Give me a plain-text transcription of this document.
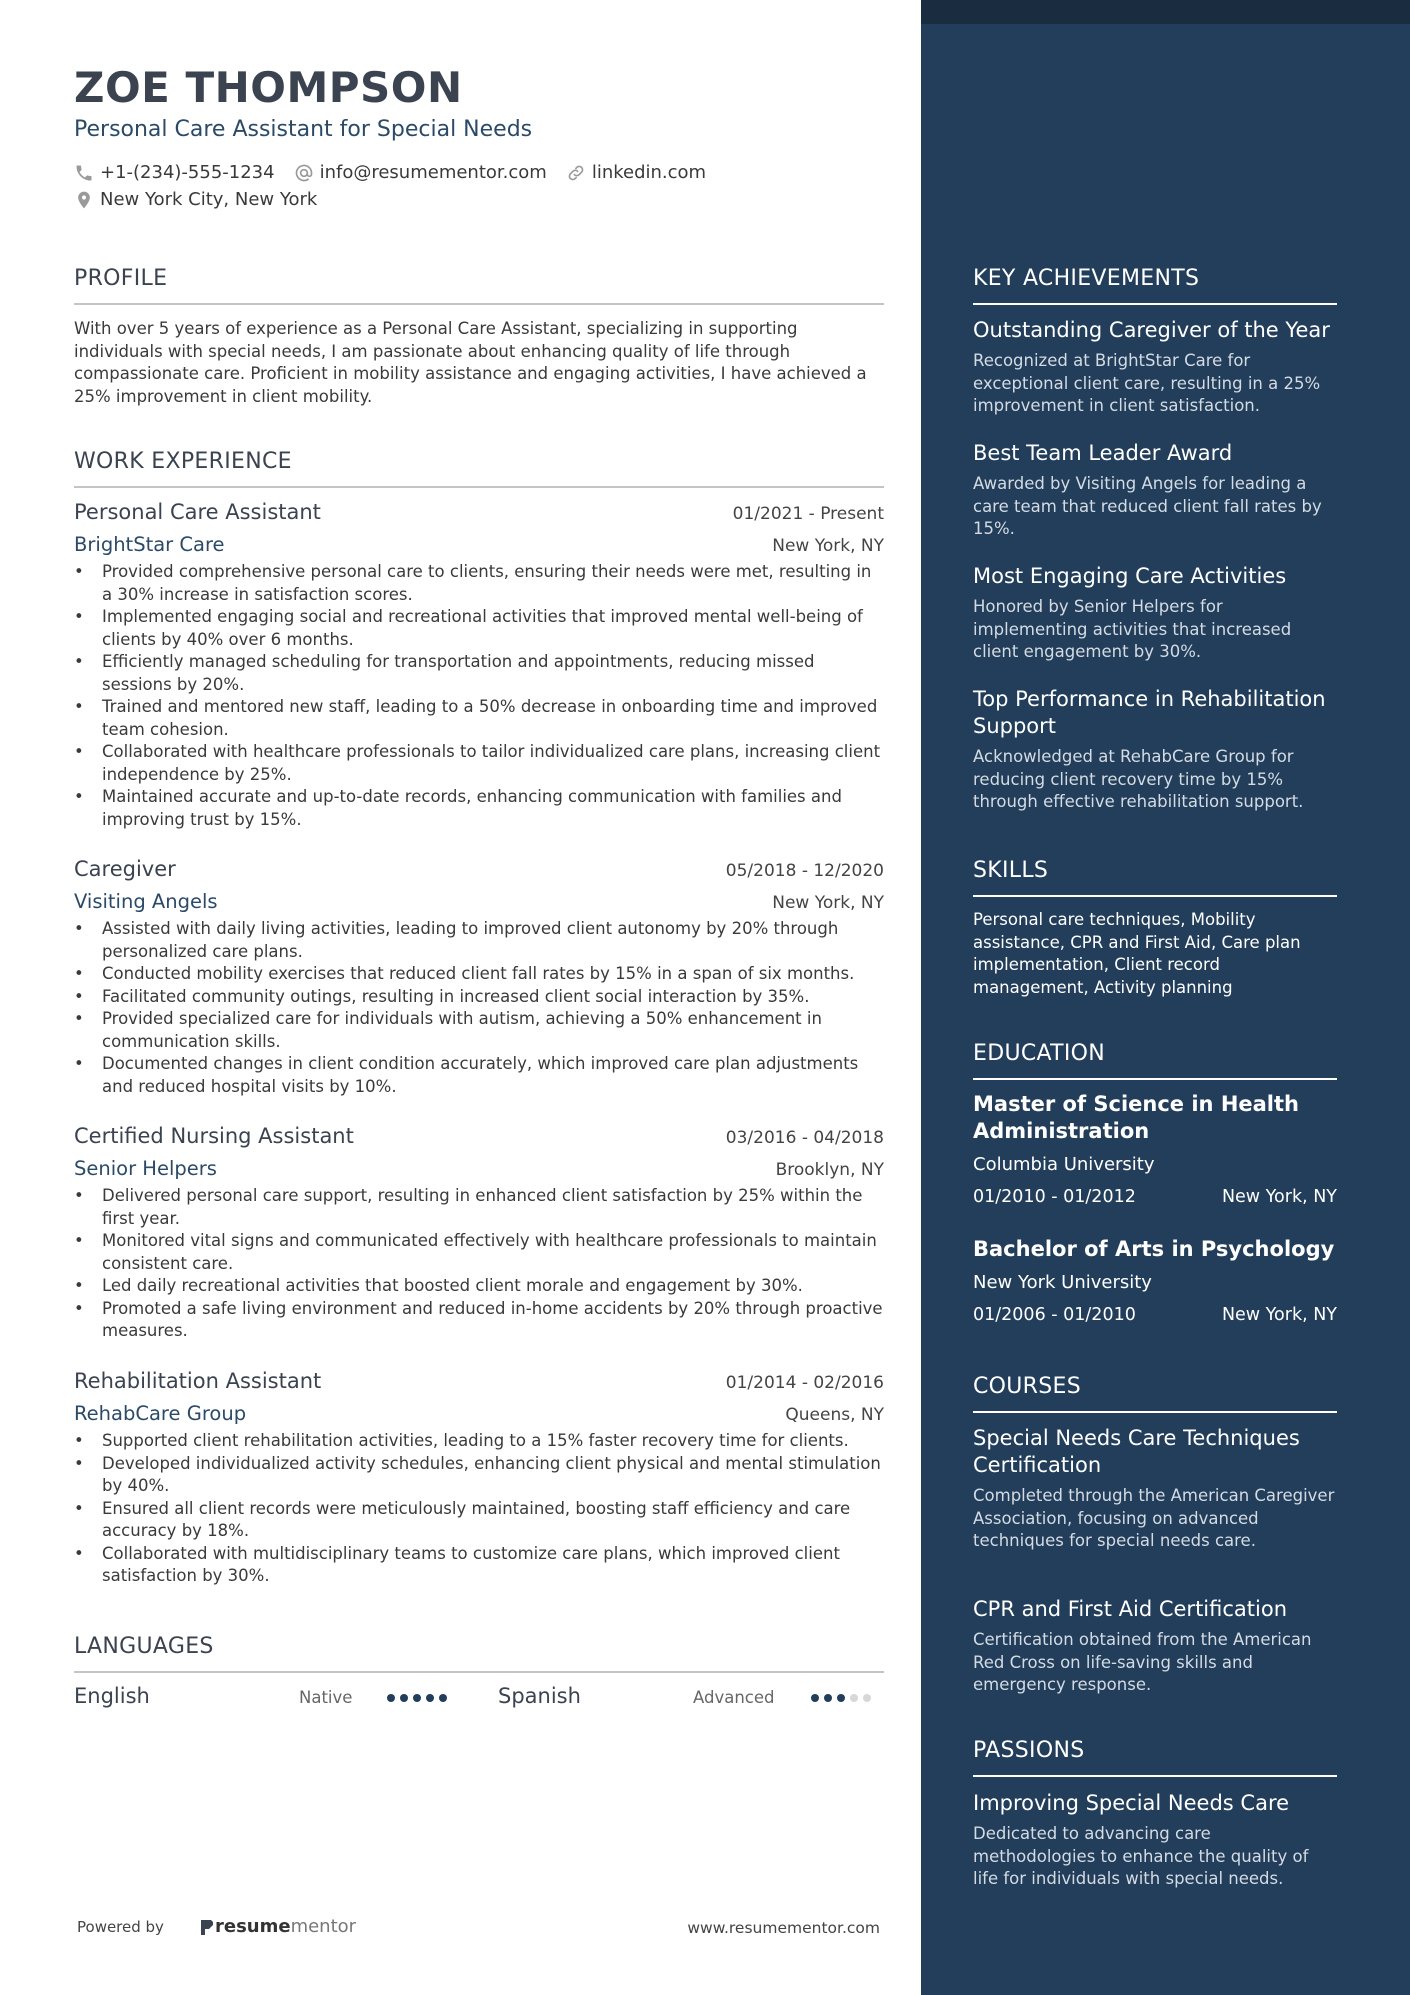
ZOE THOMPSON
Personal Care Assistant for Special Needs
+1-(234)-555-1234	info@resumementor.com	linkedin.com
New York City, New York
PROFILE

With over 5 years of experience as a Personal Care Assistant, specializing in supporting individuals with special needs, I am passionate about enhancing quality of life through compassionate care. Proficient in mobility assistance and engaging activities, I have achieved a 25% improvement in client mobility.

WORK EXPERIENCE
Personal Care Assistant	01/2021 - Present
BrightStar Care	New York, NY
• Provided comprehensive personal care to clients, ensuring their needs were met, resulting in a 30% increase in satisfaction scores.
• Implemented engaging social and recreational activities that improved mental well-being of clients by 40% over 6 months.
• Efficiently managed scheduling for transportation and appointments, reducing missed sessions by 20%.
• Trained and mentored new staff, leading to a 50% decrease in onboarding time and improved team cohesion.
• Collaborated with healthcare professionals to tailor individualized care plans, increasing client independence by 25%.
• Maintained accurate and up-to-date records, enhancing communication with families and improving trust by 15%.
Caregiver	05/2018 - 12/2020
Visiting Angels	New York, NY
• Assisted with daily living activities, leading to improved client autonomy by 20% through personalized care plans.
• Conducted mobility exercises that reduced client fall rates by 15% in a span of six months.
• Facilitated community outings, resulting in increased client social interaction by 35%.
• Provided specialized care for individuals with autism, achieving a 50% enhancement in communication skills.
• Documented changes in client condition accurately, which improved care plan adjustments and reduced hospital visits by 10%.
Certified Nursing Assistant	03/2016 - 04/2018
Senior Helpers	Brooklyn, NY
• Delivered personal care support, resulting in enhanced client satisfaction by 25% within the first year.
• Monitored vital signs and communicated effectively with healthcare professionals to maintain consistent care.
• Led daily recreational activities that boosted client morale and engagement by 30%.
• Promoted a safe living environment and reduced in-home accidents by 20% through proactive measures.
Rehabilitation Assistant	01/2014 - 02/2016
RehabCare Group	Queens, NY
• Supported client rehabilitation activities, leading to a 15% faster recovery time for clients.
• Developed individualized activity schedules, enhancing client physical and mental stimulation by 40%.
• Ensured all client records were meticulously maintained, boosting staff efficiency and care accuracy by 18%.
• Collaborated with multidisciplinary teams to customize care plans, which improved client satisfaction by 30%.
LANGUAGES
English	Native	Spanish	Advanced
Powered by	resume mentor	www.resumementor.com
KEY ACHIEVEMENTS
Outstanding Caregiver of the Year
Recognized at BrightStar Care for exceptional client care, resulting in a 25% improvement in client satisfaction.
Best Team Leader Award
Awarded by Visiting Angels for leading a care team that reduced client fall rates by 15%.
Most Engaging Care Activities
Honored by Senior Helpers for implementing activities that increased client engagement by 30%.
Top Performance in Rehabilitation Support
Acknowledged at RehabCare Group for reducing client recovery time by 15% through effective rehabilitation support.
SKILLS
Personal care techniques, Mobility assistance, CPR and First Aid, Care plan implementation, Client record management, Activity planning
EDUCATION
Master of Science in Health Administration
Columbia University
01/2010 - 01/2012	New York, NY
Bachelor of Arts in Psychology
New York University
01/2006 - 01/2010	New York, NY
COURSES
Special Needs Care Techniques Certification
Completed through the American Caregiver Association, focusing on advanced techniques for special needs care.
CPR and First Aid Certification
Certification obtained from the American Red Cross on life-saving skills and emergency response.
PASSIONS
Improving Special Needs Care
Dedicated to advancing care methodologies to enhance the quality of life for individuals with special needs.
